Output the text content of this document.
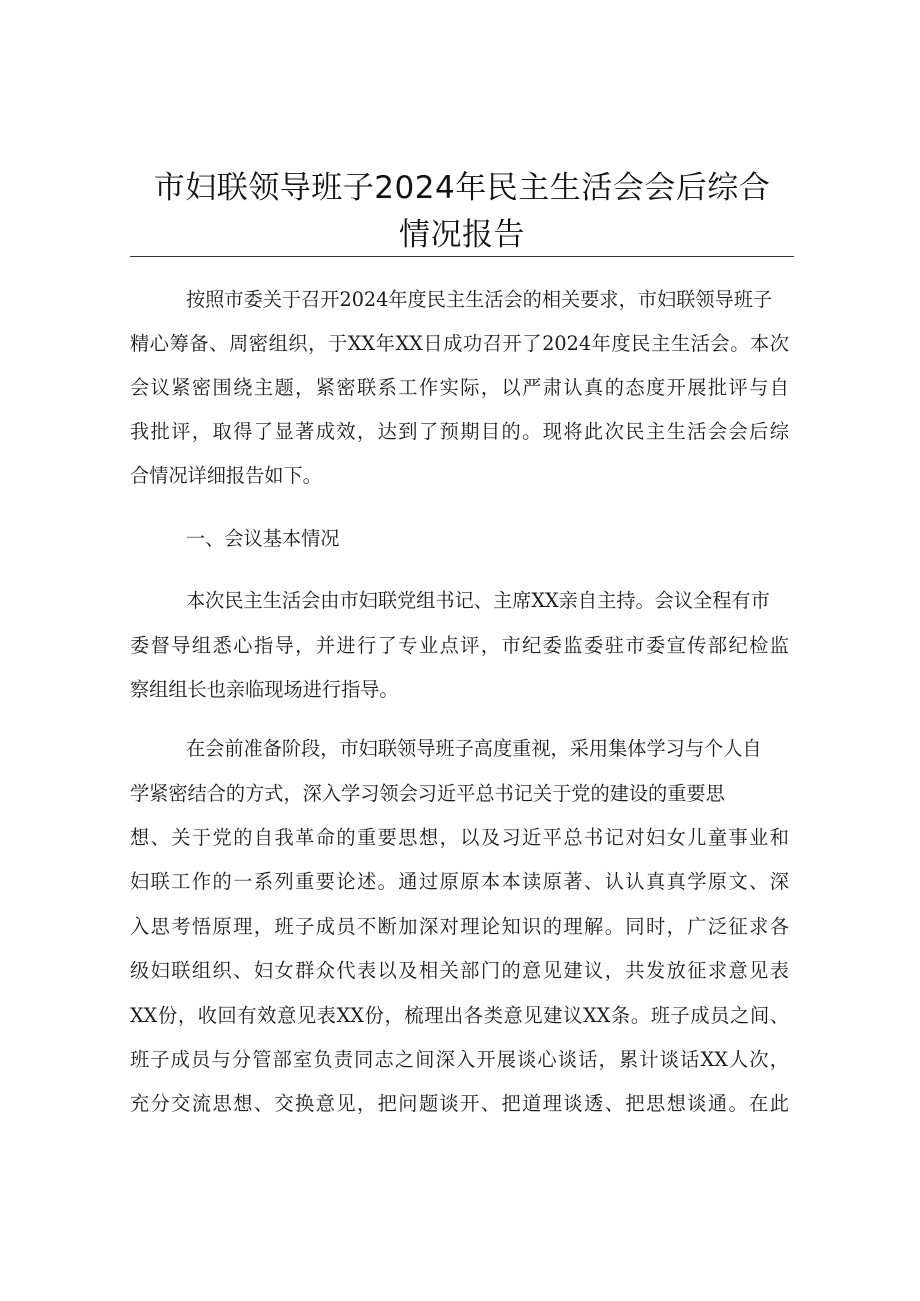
市妇联领导班子2024年民主生活会会后综合
情况报告
按照市委关于召开2024年度民主生活会的相关要求，市妇联领导班子
精心筹备、周密组织，于XX年XX日成功召开了2024年度民主生活会。本次
会议紧密围绕主题，紧密联系工作实际，以严肃认真的态度开展批评与自
我批评，取得了显著成效，达到了预期目的。现将此次民主生活会会后综
合情况详细报告如下。
一、会议基本情况
本次民主生活会由市妇联党组书记、主席XX亲自主持。会议全程有市
委督导组悉心指导，并进行了专业点评，市纪委监委驻市委宣传部纪检监
察组组长也亲临现场进行指导。
在会前准备阶段，市妇联领导班子高度重视，采用集体学习与个人自
学紧密结合的方式，深入学习领会习近平总书记关于党的建设的重要思
想、关于党的自我革命的重要思想，以及习近平总书记对妇女儿童事业和
妇联工作的一系列重要论述。通过原原本本读原著、认认真真学原文、深
入思考悟原理，班子成员不断加深对理论知识的理解。同时，广泛征求各
级妇联组织、妇女群众代表以及相关部门的意见建议，共发放征求意见表
XX份，收回有效意见表XX份，梳理出各类意见建议XX条。班子成员之间、
班子成员与分管部室负责同志之间深入开展谈心谈话，累计谈话XX人次，
充分交流思想、交换意见，把问题谈开、把道理谈透、把思想谈通。在此
